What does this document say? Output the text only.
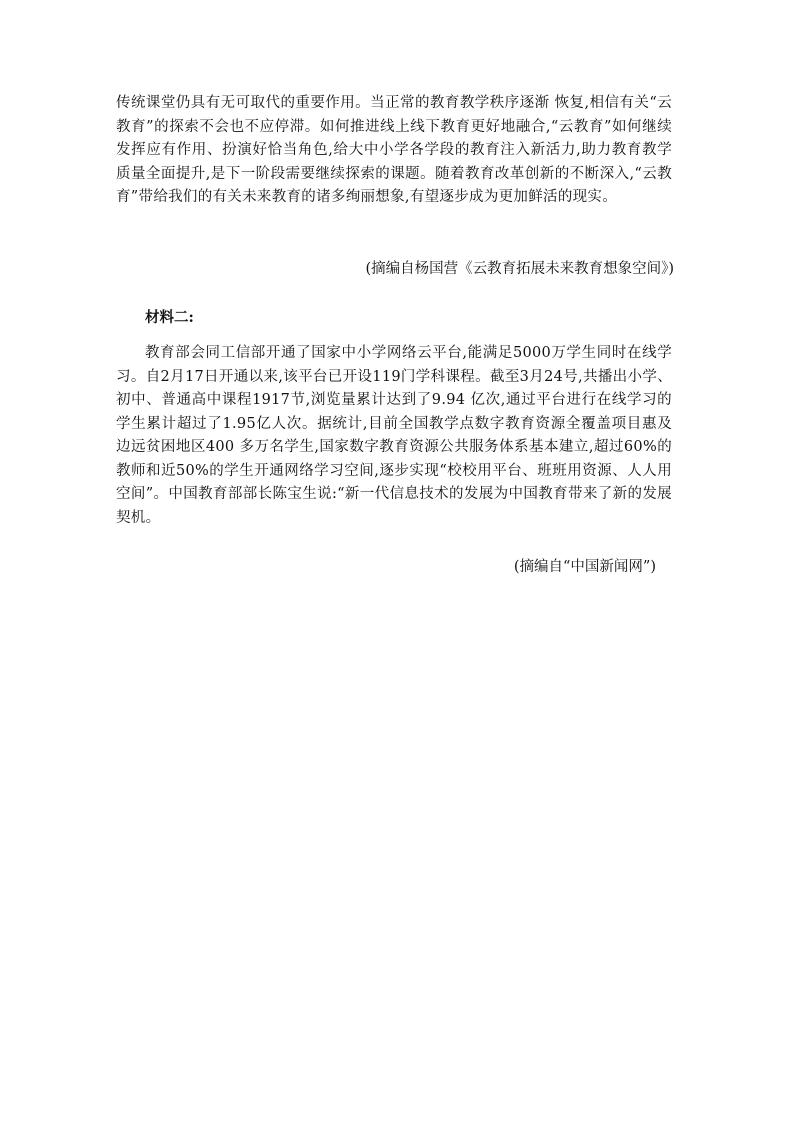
传统课堂仍具有无可取代的重要作用。当正常的教育教学秩序逐渐 恢复,相信有关“云教育”的探索不会也不应停滞。如何推进线上线下教育更好地融合,“云教育”如何继续发挥应有作用、扮演好恰当角色,给大中小学各学段的教育注入新活力,助力教育教学质量全面提升,是下一阶段需要继续探索的课题。随着教育改革创新的不断深入,“云教育”带给我们的有关未来教育的诸多绚丽想象,有望逐步成为更加鲜活的现实。

(摘编自杨国营《云教育拓展未来教育想象空间》)

材料二:

教育部会同工信部开通了国家中小学网络云平台,能满足5000万学生同时在线学习。自2月17日开通以来,该平台已开设119门学科课程。截至3月24号,共播出小学、初中、普通高中课程1917节,浏览量累计达到了9.94 亿次,通过平台进行在线学习的学生累计超过了1.95亿人次。据统计,目前全国教学点数字教育资源全覆盖项目惠及边远贫困地区400 多万名学生,国家数字教育资源公共服务体系基本建立,超过60%的教师和近50%的学生开通网络学习空间,逐步实现“校校用平台、班班用资源、人人用空间”。中国教育部部长陈宝生说:“新一代信息技术的发展为中国教育带来了新的发展契机。

(摘编自“中国新闻网”)
